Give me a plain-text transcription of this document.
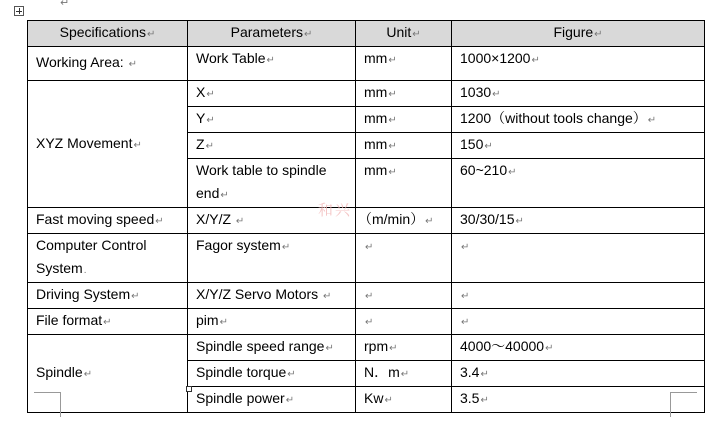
↵
Specifications↵	Parameters↵	Unit↵	Figure↵
Working Area: ↵	Work Table↵	mm↵	1000×1200↵
XYZ Movement↵	X↵	mm↵	1030↵
	Y↵	mm↵	1200（without tools change）↵
	Z↵	mm↵	150↵
	Work table to spindle end↵	mm↵	60~210↵
Fast moving speed↵	X/Y/Z ↵	（m/min）↵	30/30/15↵
Computer Control System.	Fagor system↵	↵	↵
Driving System↵	X/Y/Z Servo Motors ↵	↵	↵
File format↵	pim↵	↵	↵
Spindle↵	Spindle speed range↵	rpm↵	4000～40000↵
	Spindle torque↵	N．m↵	3.4↵
	Spindle power↵	Kw↵	3.5↵
和兴
